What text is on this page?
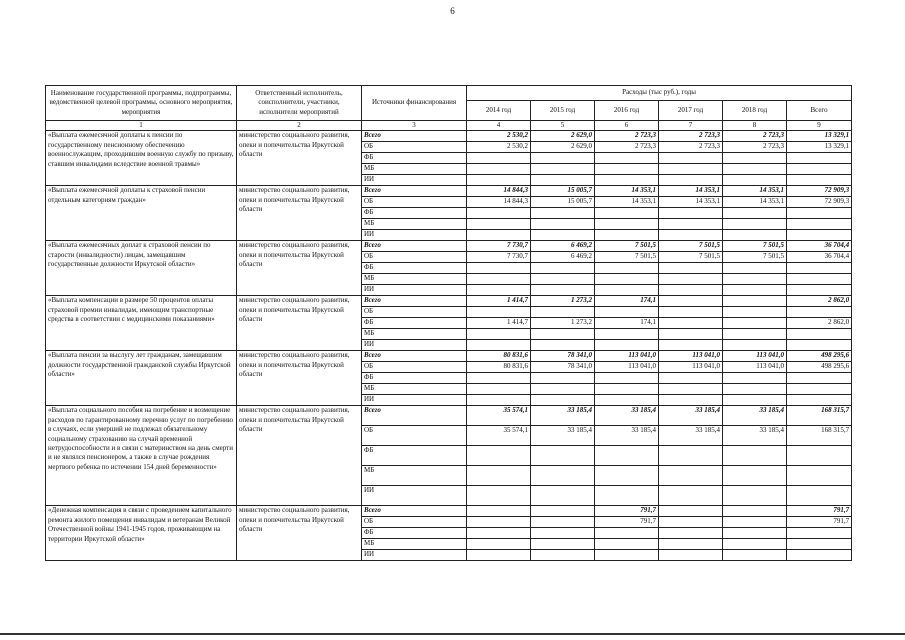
6
Наименование государственной программы, подпрограммы, ведомственной целевой программы, основного мероприятия, мероприятия	Ответственный исполнитель, соисполнители, участники, исполнители мероприятий	Источники финансирования	Расходы (тыс руб.), годы					
			2014 год	2015 год	2016 год	2017 год	2018 год	Всего
1	2	3	4	5	6	7	8	9
«Выплата ежемесячной доплаты к пенсии по государственному пенсионному обеспечению военнослужащим, проходившим военную службу по призыву, ставшим инвалидами вследствие военной травмы»	министерство социального развития, опеки и попечительства Иркутской области	Всего	2 530,2	2 629,0	2 723,3	2 723,3	2 723,3	13 329,1
		ОБ	2 530,2	2 629,0	2 723,3	2 723,3	2 723,3	13 329,1
		ФБ						
		МБ						
		ИИ						
«Выплата ежемесячной доплаты к страховой пенсии отдельным категориям граждан»	министерство социального развития, опеки и попечительства Иркутской области	Всего	14 844,3	15 005,7	14 353,1	14 353,1	14 353,1	72 909,3
		ОБ	14 844,3	15 005,7	14 353,1	14 353,1	14 353,1	72 909,3
		ФБ						
		МБ						
		ИИ						
«Выплата ежемесячных доплат к страховой пенсии по старости (инвалидности) лицам, замещавшим государственные должности Иркутской области»	министерство социального развития, опеки и попечительства Иркутской области	Всего	7 730,7	6 469,2	7 501,5	7 501,5	7 501,5	36 704,4
		ОБ	7 730,7	6 469,2	7 501,5	7 501,5	7 501,5	36 704,4
		ФБ						
		МБ						
		ИИ						
«Выплата компенсации в размере 50 процентов оплаты страховой премии инвалидам, имеющим транспортные средства в соответствии с медицинскими показаниями»	министерство социального развития, опеки и попечительства Иркутской области	Всего	1 414,7	1 273,2	174,1			2 862,0
		ОБ						
		ФБ	1 414,7	1 273,2	174,1			2 862,0
		МБ						
		ИИ						
«Выплата пенсии за выслугу лет гражданам, замещавшим должности государственной гражданской службы Иркутской области»	министерство социального развития, опеки и попечительства Иркутской области	Всего	80 831,6	78 341,0	113 041,0	113 041,0	113 041,0	498 295,6
		ОБ	80 831,6	78 341,0	113 041,0	113 041,0	113 041,0	498 295,6
		ФБ						
		МБ						
		ИИ						
«Выплата социального пособия на погребение и возмещение расходов по гарантированному перечню услуг по погребению в случаях, если умерший не подлежал обязательному социальному страхованию на случай временной нетрудоспособности и в связи с материнством на день смерти и не являлся пенсионером, а также в случае рождения мертвого ребенка по истечении 154 дней беременности»	министерство социального развития, опеки и попечительства Иркутской области	Всего	35 574,1	33 185,4	33 185,4	33 185,4	33 185,4	168 315,7
		ОБ	35 574,1	33 185,4	33 185,4	33 185,4	33 185,4	168 315,7
		ФБ						
		МБ						
		ИИ						
«Денежная компенсация в связи с проведением капитального ремонта жилого помещения инвалидам и ветеранам Великой Отечественной войны 1941-1945 годов, проживающим на территории Иркутской области»	министерство социального развития, опеки и попечительства Иркутской области	Всего			791,7			791,7
		ОБ			791,7			791,7
		ФБ						
		МБ						
		ИИ						
